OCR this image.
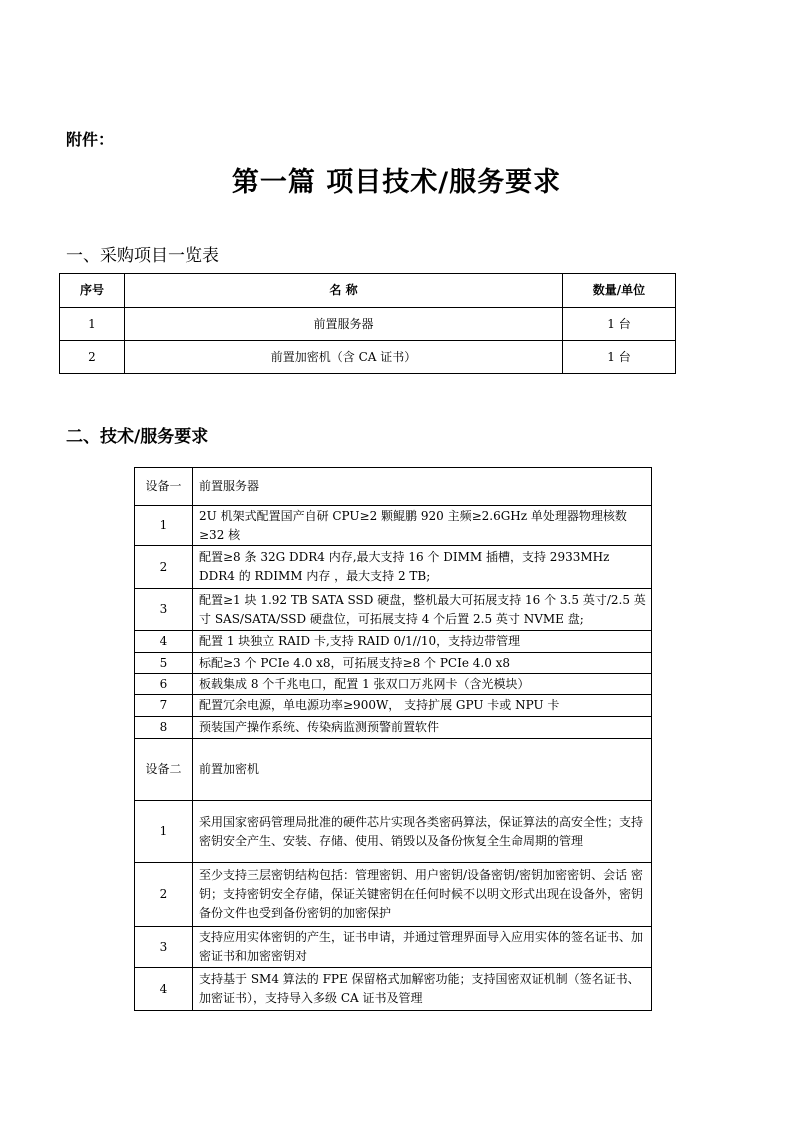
附件：
第一篇 项目技术/服务要求
一、采购项目一览表
序号	名 称	数量/单位
1	前置服务器	1 台
2	前置加密机（含 CA 证书）	1 台
二、技术/服务要求
设备一	前置服务器
1	2U 机架式配置国产自研 CPU≥2 颗鲲鹏 920 主频≥2.6GHz 单处理器物理核数≥32 核
2	配置≥8 条 32G DDR4 内存,最大支持 16 个 DIMM 插槽，支持 2933MHz DDR4 的 RDIMM 内存 ，最大支持 2 TB;
3	配置≥1 块 1.92 TB SATA SSD 硬盘，整机最大可拓展支持 16 个 3.5 英寸/2.5 英寸 SAS/SATA/SSD 硬盘位，可拓展支持 4 个后置 2.5 英寸 NVME 盘;
4	配置 1 块独立 RAID 卡,支持 RAID 0/1//10，支持边带管理
5	标配≥3 个 PCIe 4.0 x8，可拓展支持≥8 个 PCIe 4.0 x8
6	板载集成 8 个千兆电口，配置 1 张双口万兆网卡（含光模块）
7	配置冗余电源，单电源功率≥900W， 支持扩展 GPU 卡或 NPU 卡
8	预装国产操作系统、传染病监测预警前置软件
设备二	前置加密机
1	采用国家密码管理局批准的硬件芯片实现各类密码算法，保证算法的高安全性；支持密钥安全产生、安装、存储、使用、销毁以及备份恢复全生命周期的管理
2	至少支持三层密钥结构包括：管理密钥、用户密钥/设备密钥/密钥加密密钥、会话 密钥；支持密钥安全存储，保证关键密钥在任何时候不以明文形式出现在设备外，密钥备份文件也受到备份密钥的加密保护
3	支持应用实体密钥的产生，证书申请，并通过管理界面导入应用实体的签名证书、加密证书和加密密钥对
4	支持基于 SM4 算法的 FPE 保留格式加解密功能；支持国密双证机制（签名证书、加密证书），支持导入多级 CA 证书及管理
